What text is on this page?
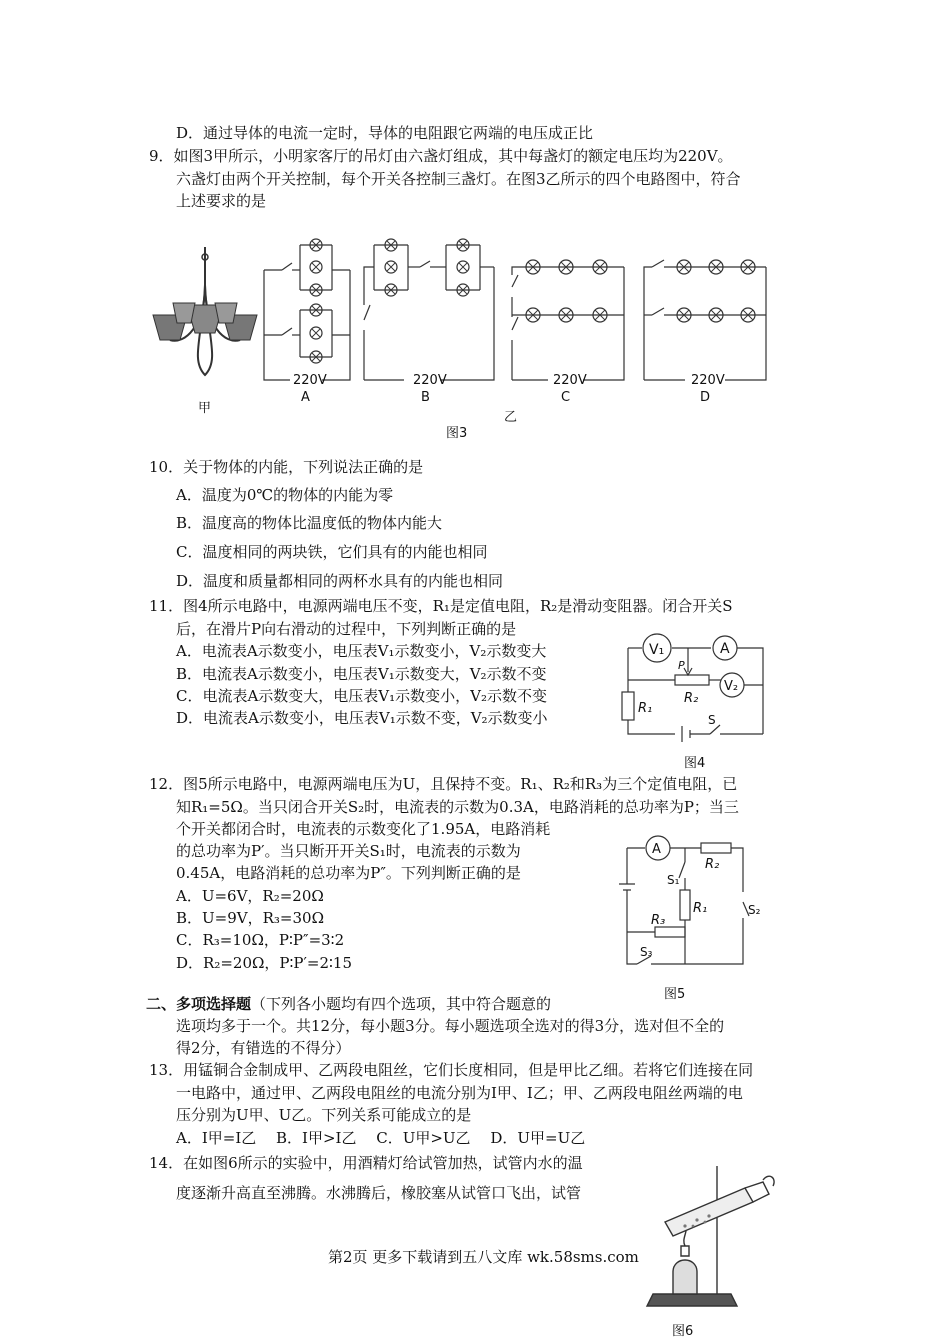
D．通过导体的电流一定时，导体的电阻跟它两端的电压成正比
9．如图3甲所示，小明家客厅的吊灯由六盏灯组成，其中每盏灯的额定电压均为220V。
六盏灯由两个开关控制，每个开关各控制三盏灯。在图3乙所示的四个电路图中，符合
上述要求的是
甲
220V
A
220V
B
220V
C
220V
D
乙
图3
10．关于物体的内能，下列说法正确的是
A．温度为0℃的物体的内能为零
B．温度高的物体比温度低的物体内能大
C．温度相同的两块铁，它们具有的内能也相同
D．温度和质量都相同的两杯水具有的内能也相同
11．图4所示电路中，电源两端电压不变，R₁是定值电阻，R₂是滑动变阻器。闭合开关S
后，在滑片P向右滑动的过程中，下列判断正确的是
A．电流表A示数变小，电压表V₁示数变小，V₂示数变大
B．电流表A示数变小，电压表V₁示数变大，V₂示数不变
C．电流表A示数变大，电压表V₁示数变小，V₂示数不变
D．电流表A示数变小，电压表V₁示数不变，V₂示数变小
V₁	A
V₂
P
R₂
R₁
S
图4
12．图5所示电路中，电源两端电压为U，且保持不变。R₁、R₂和R₃为三个定值电阻，已
知R₁=5Ω。当只闭合开关S₂时，电流表的示数为0.3A，电路消耗的总功率为P；当三
个开关都闭合时，电流表的示数变化了1.95A，电路消耗
的总功率为P′。当只断开开关S₁时，电流表的示数为
0.45A，电路消耗的总功率为P″。下列判断正确的是
A．U=6V，R₂=20Ω
B．U=9V，R₃=30Ω
C．R₃=10Ω，P∶P″=3∶2
D．R₂=20Ω，P∶P′=2∶15
A
R₂
S₁
R₁	S₂
R₃
S₃
图5
二、多项选择题（下列各小题均有四个选项，其中符合题意的
选项均多于一个。共12分，每小题3分。每小题选项全选对的得3分，选对但不全的
得2分，有错选的不得分）
13．用锰铜合金制成甲、乙两段电阻丝，它们长度相同，但是甲比乙细。若将它们连接在同
一电路中，通过甲、乙两段电阻丝的电流分别为I甲、I乙；甲、乙两段电阻丝两端的电
压分别为U甲、U乙。下列关系可能成立的是
A．I甲=I乙　 B．I甲>I乙　 C．U甲>U乙　 D．U甲=U乙
14．在如图6所示的实验中，用酒精灯给试管加热，试管内水的温
度逐渐升高直至沸腾。水沸腾后，橡胶塞从试管口飞出，试管
图6
第2页 更多下载请到五八文库 wk.58sms.com
